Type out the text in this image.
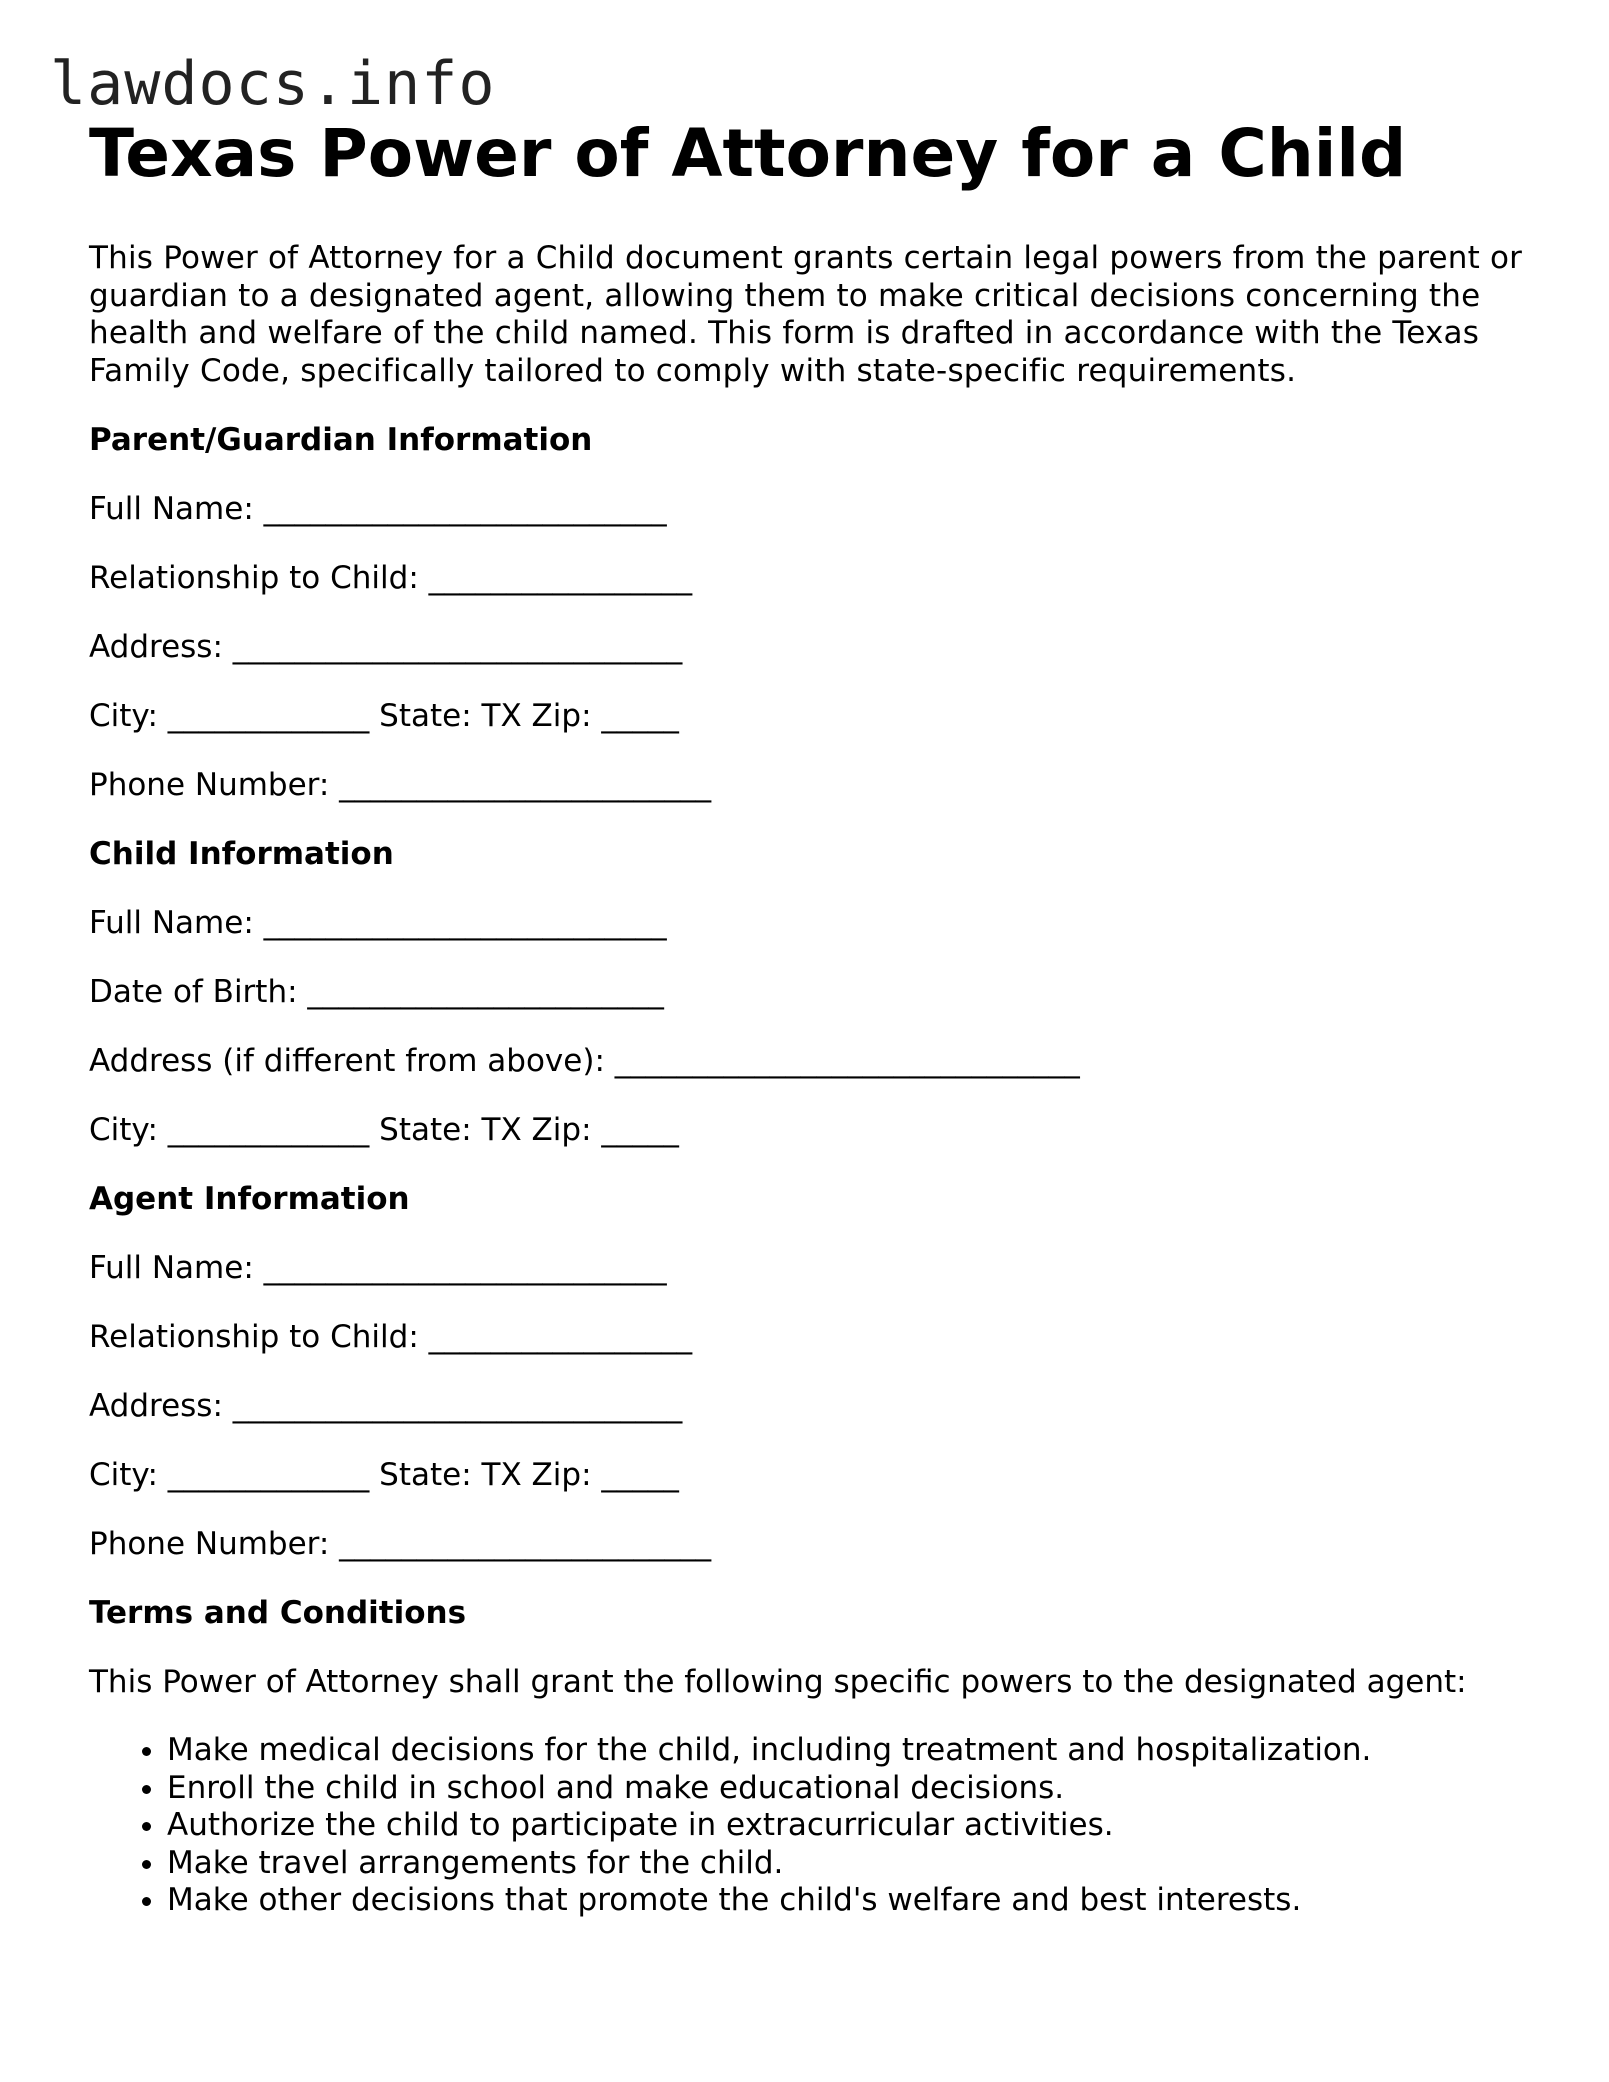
lawdocs.info
Texas Power of Attorney for a Child

This Power of Attorney for a Child document grants certain legal powers from the parent or guardian to a designated agent, allowing them to make critical decisions concerning the health and welfare of the child named. This form is drafted in accordance with the Texas Family Code, specifically tailored to comply with state-specific requirements.

Parent/Guardian Information
Full Name: __________________________
Relationship to Child: _________________
Address: _____________________________
City: _____________ State: TX Zip: _____
Phone Number: ________________________
Child Information
Full Name: __________________________
Date of Birth: _______________________
Address (if different from above): ______________________________
City: _____________ State: TX Zip: _____
Agent Information
Full Name: __________________________
Relationship to Child: _________________
Address: _____________________________
City: _____________ State: TX Zip: _____
Phone Number: ________________________
Terms and Conditions

This Power of Attorney shall grant the following specific powers to the designated agent:

• Make medical decisions for the child, including treatment and hospitalization.
• Enroll the child in school and make educational decisions.
• Authorize the child to participate in extracurricular activities.
• Make travel arrangements for the child.
• Make other decisions that promote the child's welfare and best interests.
